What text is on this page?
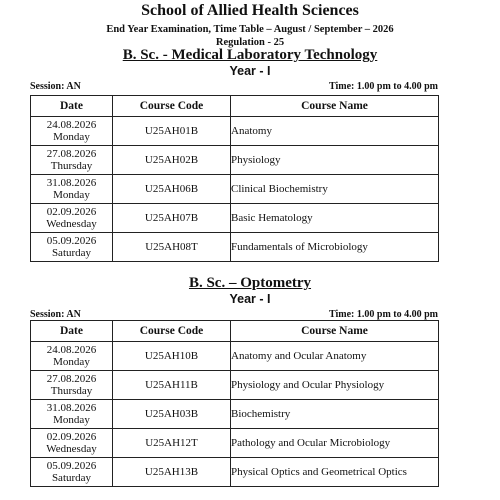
School of Allied Health Sciences
End Year Examination, Time Table – August / September – 2026
Regulation - 25
B. Sc. - Medical Laboratory Technology
Year - I
Session: AN	Time: 1.00 pm to 4.00 pm
Date	Course Code	Course Name

24.08.2026
Monday	U25AH01B	Anatomy

27.08.2026
Thursday	U25AH02B	Physiology

31.08.2026
Monday	U25AH06B	Clinical Biochemistry

02.09.2026
Wednesday	U25AH07B	Basic Hematology

05.09.2026
Saturday	U25AH08T	Fundamentals of Microbiology
B. Sc. – Optometry
Year - I
Session: AN	Time: 1.00 pm to 4.00 pm
Date	Course Code	Course Name

24.08.2026
Monday	U25AH10B	Anatomy and Ocular Anatomy

27.08.2026
Thursday	U25AH11B	Physiology and Ocular Physiology

31.08.2026
Monday	U25AH03B	Biochemistry

02.09.2026
Wednesday	U25AH12T	Pathology and Ocular Microbiology

05.09.2026
Saturday	U25AH13B	Physical Optics and Geometrical Optics
